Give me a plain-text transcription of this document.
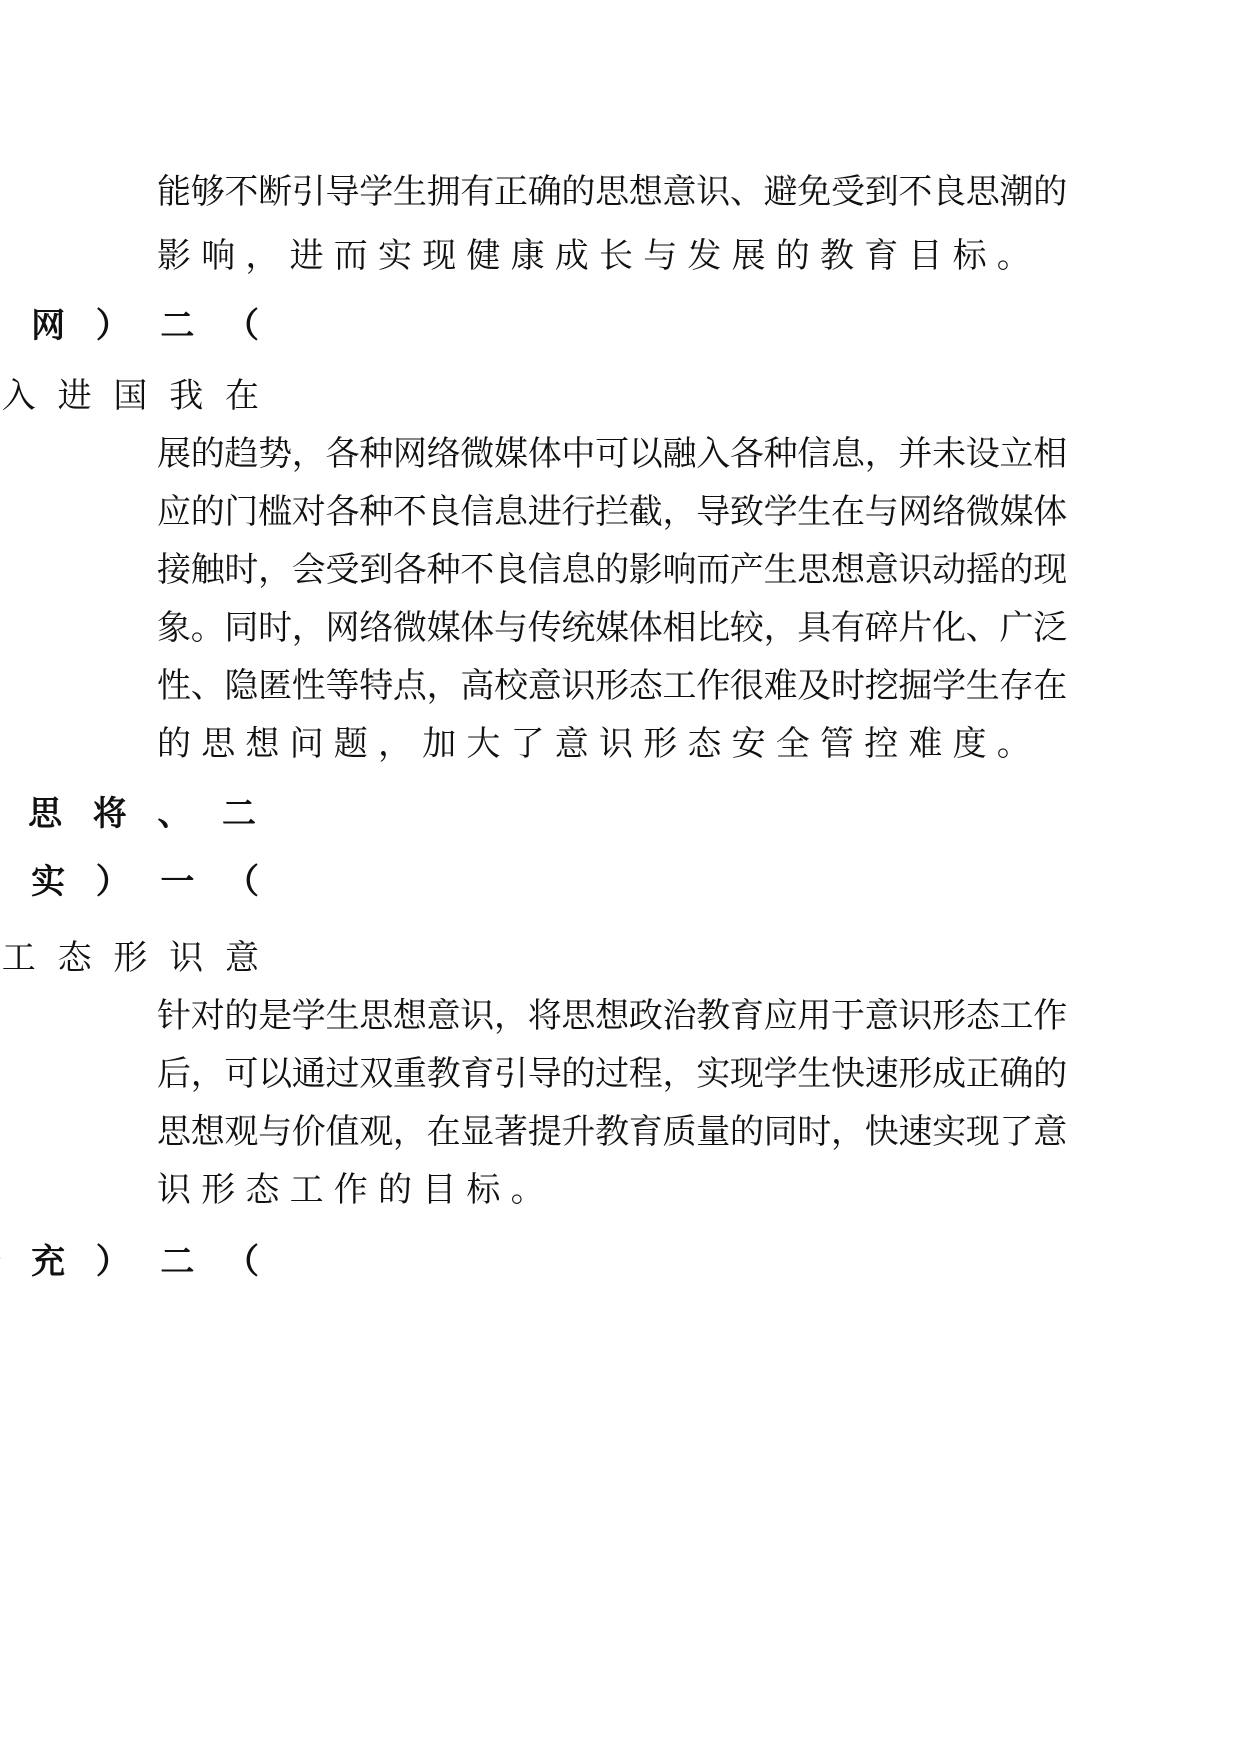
能够不断引导学生拥有正确的思想意识、避免受到不良思潮的
影响，进而实现健康成长与发展的教育目标。
展的趋势，各种网络微媒体中可以融入各种信息，并未设立相
应的门槛对各种不良信息进行拦截，导致学生在与网络微媒体
接触时，会受到各种不良信息的影响而产生思想意识动摇的现
象。同时，网络微媒体与传统媒体相比较，具有碎片化、广泛
性、隐匿性等特点，高校意识形态工作很难及时挖掘学生存在
的思想问题，加大了意识形态安全管控难度。
针对的是学生思想意识，将思想政治教育应用于意识形态工作
后，可以通过双重教育引导的过程，实现学生快速形成正确的
思想观与价值观，在显著提升教育质量的同时，快速实现了意
识形态工作的目标。
